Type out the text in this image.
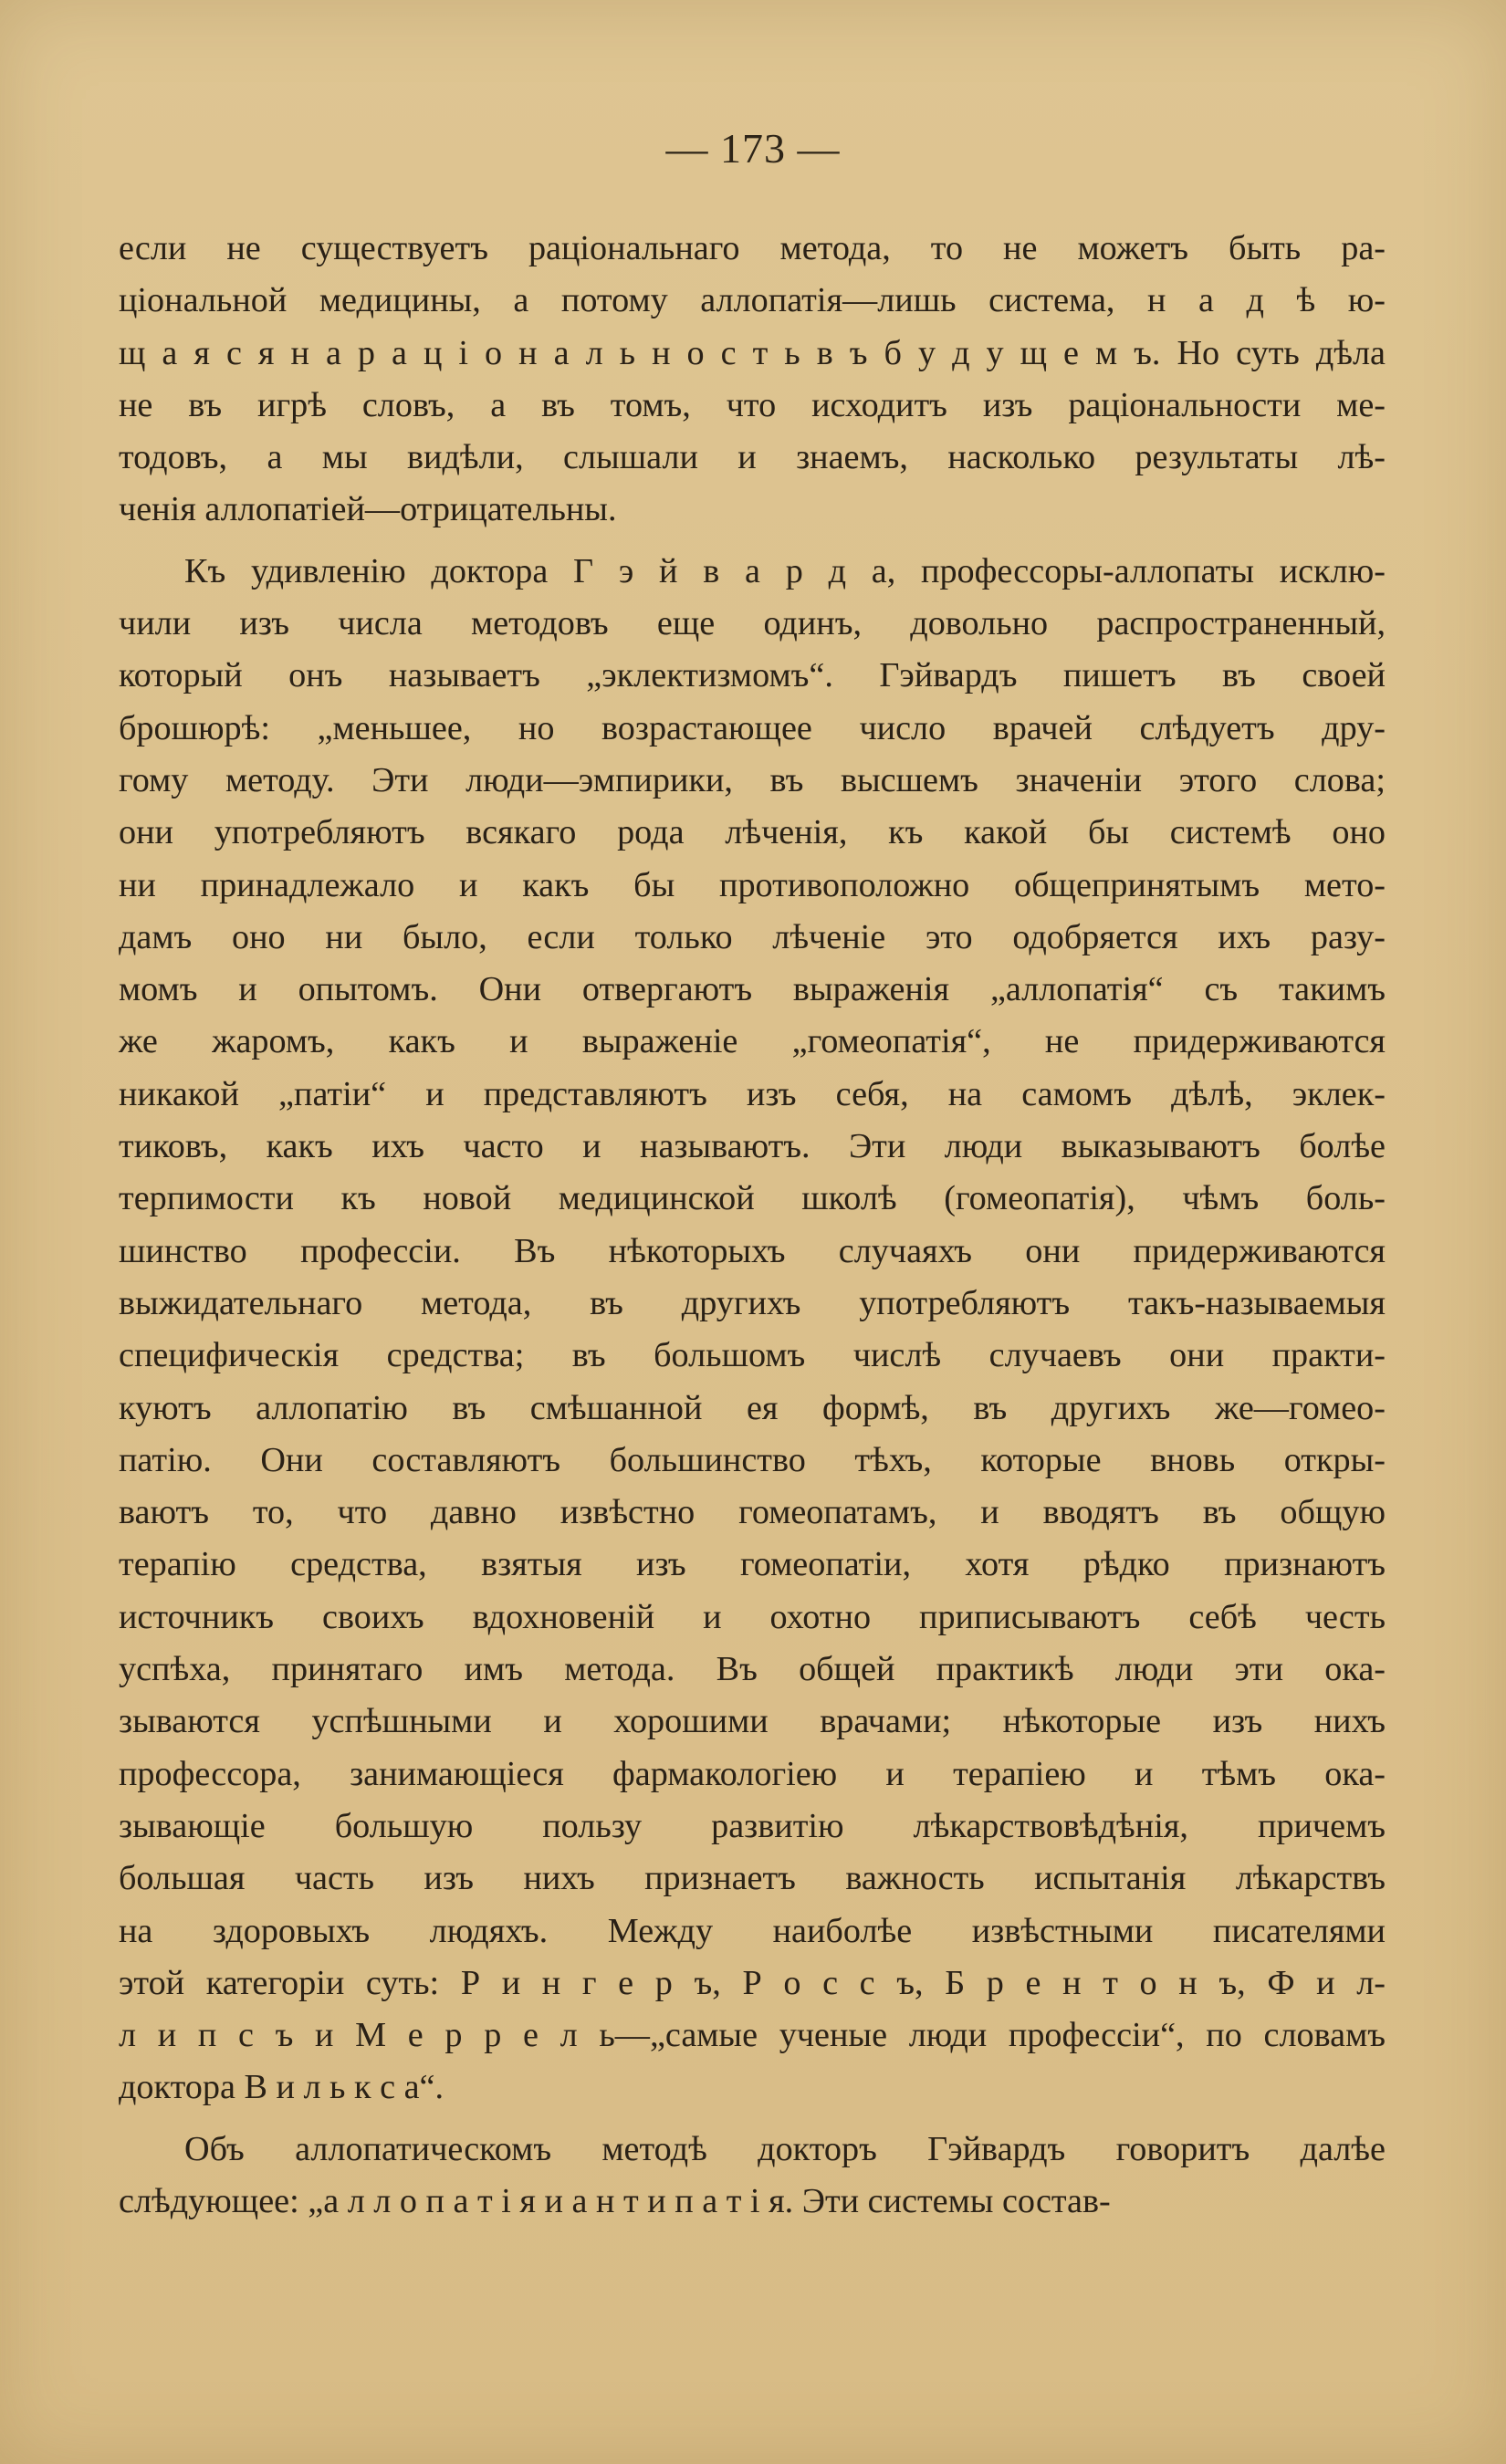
— 173 —
если не существуетъ раціональнаго метода, то не можетъ быть ра-
ціональной медицины, а потому аллопатія—лишь система, н а д ѣ ю-
щ а я с я н а р а ц і о н а л ь н о с т ь в ъ б у д у щ е м ъ. Но суть дѣла
не въ игрѣ словъ, а въ томъ, что исходитъ изъ раціональности ме-
тодовъ, а мы видѣли, слышали и знаемъ, насколько результаты лѣ-
ченія аллопатіей—отрицательны.
Къ удивленію доктора Г э й в а р д а, профессоры-аллопаты исклю-
чили изъ числа методовъ еще одинъ, довольно распространенный,
который онъ называетъ „эклектизмомъ“. Гэйвардъ пишетъ въ своей
брошюрѣ: „меньшее, но возрастающее число врачей слѣдуетъ дру-
гому методу. Эти люди—эмпирики, въ высшемъ значеніи этого слова;
они употребляютъ всякаго рода лѣченія, къ какой бы системѣ оно
ни принадлежало и какъ бы противоположно общепринятымъ мето-
дамъ оно ни было, если только лѣченіе это одобряется ихъ разу-
момъ и опытомъ. Они отвергаютъ выраженія „аллопатія“ съ такимъ
же жаромъ, какъ и выраженіе „гомеопатія“, не придерживаются
никакой „патіи“ и представляютъ изъ себя, на самомъ дѣлѣ, эклек-
тиковъ, какъ ихъ часто и называютъ. Эти люди выказываютъ болѣе
терпимости къ новой медицинской школѣ (гомеопатія), чѣмъ боль-
шинство профессіи. Въ нѣкоторыхъ случаяхъ они придерживаются
выжидательнаго метода, въ другихъ употребляютъ такъ-называемыя
специфическія средства; въ большомъ числѣ случаевъ они практи-
куютъ аллопатію въ смѣшанной ея формѣ, въ другихъ же—гомео-
патію. Они составляютъ большинство тѣхъ, которые вновь откры-
ваютъ то, что давно извѣстно гомеопатамъ, и вводятъ въ общую
терапію средства, взятыя изъ гомеопатіи, хотя рѣдко признаютъ
источникъ своихъ вдохновеній и охотно приписываютъ себѣ честь
успѣха, принятаго имъ метода. Въ общей практикѣ люди эти ока-
зываются успѣшными и хорошими врачами; нѣкоторые изъ нихъ
профессора, занимающіеся фармакологіею и терапіею и тѣмъ ока-
зывающіе большую пользу развитію лѣкарствовѣдѣнія, причемъ
большая часть изъ нихъ признаетъ важность испытанія лѣкарствъ
на здоровыхъ людяхъ. Между наиболѣе извѣстными писателями
этой категоріи суть: Р и н г е р ъ, Р о с с ъ, Б р е н т о н ъ, Ф и л-
л и п с ъ и М е р р е л ь—„самые ученые люди профессіи“, по словамъ
доктора В и л ь к с а“.
Объ аллопатическомъ методѣ докторъ Гэйвардъ говоритъ далѣе
слѣдующее: „а л л о п а т і я и а н т и п а т і я. Эти системы состав-
